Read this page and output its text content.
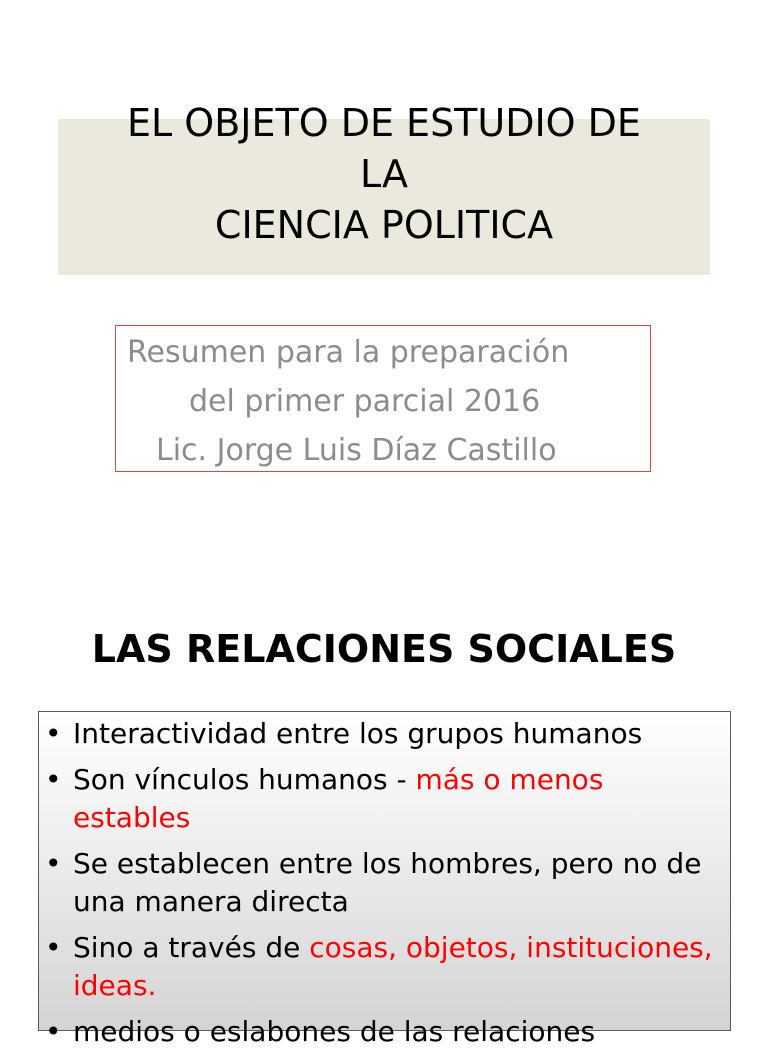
EL OBJETO DE ESTUDIO DE
LA
CIENCIA POLITICA
Resumen para la preparación
del primer parcial 2016
Lic. Jorge Luis Díaz Castillo
LAS RELACIONES SOCIALES
• Interactividad entre los grupos humanos
• Son vínculos humanos - más o menos estables
• Se establecen entre los hombres, pero no de una manera directa
• Sino a través de cosas, objetos, instituciones, ideas.
• medios o eslabones de las relaciones
